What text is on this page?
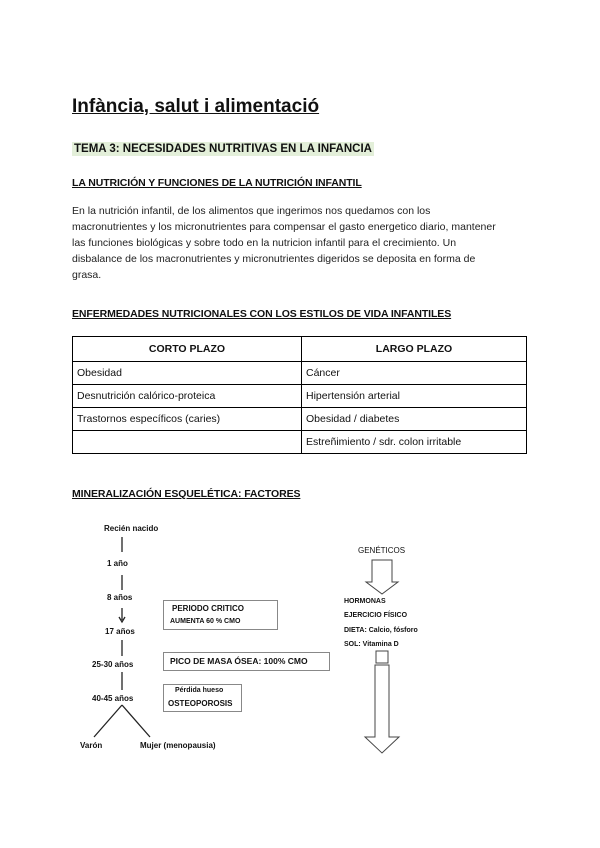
Infància, salut i alimentació
TEMA 3: NECESIDADES NUTRITIVAS EN LA INFANCIA
LA NUTRICIÓN Y FUNCIONES DE LA NUTRICIÓN INFANTIL
En la nutrición infantil, de los alimentos que ingerimos nos quedamos con los
macronutrientes y los micronutrientes para compensar el gasto energetico diario, mantener
las funciones biológicas y sobre todo en la nutricion infantil para el crecimiento. Un
disbalance de los macronutrientes y micronutrientes digeridos se deposita en forma de
grasa.
ENFERMEDADES NUTRICIONALES CON LOS ESTILOS DE VIDA INFANTILES
CORTO PLAZO	LARGO PLAZO
Obesidad	Cáncer
Desnutrición calórico-proteica	Hipertensión arterial
Trastornos específicos (caries)	Obesidad / diabetes
	Estreñimiento / sdr. colon irritable
MINERALIZACIÓN ESQUELÉTICA: FACTORES
Recién nacido
1 año
8 años
17 años
25-30 años
40-45 años
Varón	Mujer (menopausia)
PERIODO CRITICO
AUMENTA 60 % CMO
PICO DE MASA ÓSEA: 100% CMO
Pérdida hueso
OSTEOPOROSIS
GENÉTICOS
HORMONAS
EJERCICIO FÍSICO
DIETA: Calcio, fósforo
SOL: Vitamina D
